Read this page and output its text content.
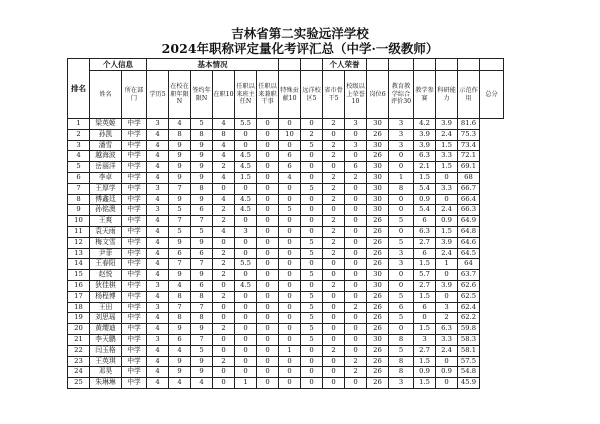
吉林省第二实验远洋学校
2024年职称评定量化考评汇总（中学·一级教师）
排名	个人信息		基本情况								个人荣誉							
	姓名	所在部门	学历5	在校在职年限N	签约年限N	在职10	任职以来班主任N	任职以来兼职干事	特殊贡献10	远洋校区5	省市骨干5	校级以上荣誉10	岗位6	教育教学综合评价30	教学参赛	科研能力	示范作用	总分
1	梁英姬	中学	3	4	5	4	5.5	0	0	0	2	3	30	3	4.2	3.9	81.6	
2	孙凯	中学	4	8	8	8	0	0	10	2	0	0	26	3	3.9	2.4	75.3	
3	潘雪	中学	4	9	9	4	0	0	0	5	2	3	30	3	3.9	1.5	73.4	
4	越海波	中学	4	9	9	4	4.5	0	6	0	2	0	26	0	6.3	3.3	72.1	
5	岳丽洋	中学	4	9	9	2	4.5	0	6	0	0	6	30	0	2.1	1.5	69.1	
6	李卓	中学	4	9	9	4	1.5	0	4	0	2	2	30	1	1.5	0	68	
7	王厚学	中学	3	7	8	0	0	0	0	5	2	0	30	8	5.4	3.3	66.7	
8	傅鑫廷	中学	4	9	9	4	4.5	0	0	0	2	0	30	0	0.9	0	66.4	
9	孙铭澳	中学	3	5	6	2	4.5	0	5	0	0	0	30	0	5.4	2.4	66.3	
10	王爽	中学	4	7	7	2	0	0	0	0	2	0	26	5	6	0.9	64.9	
11	袁天雨	中学	4	5	5	4	3	0	0	0	2	0	26	0	6.3	1.5	64.8	
12	梅文雪	中学	4	9	9	0	0	0	0	5	2	0	26	5	2.7	3.9	64.6	
13	尹菲	中学	4	6	6	2	0	0	0	5	2	0	26	3	6	2.4	64.5	
14	王春阳	中学	4	7	7	2	5.5	0	0	0	0	0	26	3	1.5	1	64	
15	赵悦	中学	4	9	9	2	0	0	0	5	0	0	30	0	5.7	0	63.7	
16	狄佳棋	中学	3	4	6	0	4.5	0	0	0	2	0	30	0	2.7	3.9	62.6	
17	杨程博	中学	4	8	8	2	0	0	0	5	0	0	26	5	1.5	0	62.5	
18	王田	中学	3	7	7	0	0	0	0	5	0	2	26	6	6	3	62.4	
19	刘思瑶	中学	4	8	8	0	0	0	0	5	0	0	26	5	0	2	62.2	
20	黄缨迪	中学	4	9	9	2	0	0	0	5	0	0	26	0	1.5	6.3	59.8	
21	李天鹏	中学	3	6	7	0	0	0	0	5	0	0	30	8	3	3.3	58.3	
22	闫玉格	中学	4	4	5	0	0	0	1	0	2	0	26	5	2.7	2.4	58.1	
23	王英琪	中学	4	9	9	2	0	0	0	0	0	2	26	8	1.5	0	57.5	
24	邓昊	中学	4	9	9	0	0	0	0	0	0	2	26	8	0.9	0.9	54.8	
25	朱琳琳	中学	4	4	4	0	1	0	0	0	0	0	26	3	1.5	0	45.9	
